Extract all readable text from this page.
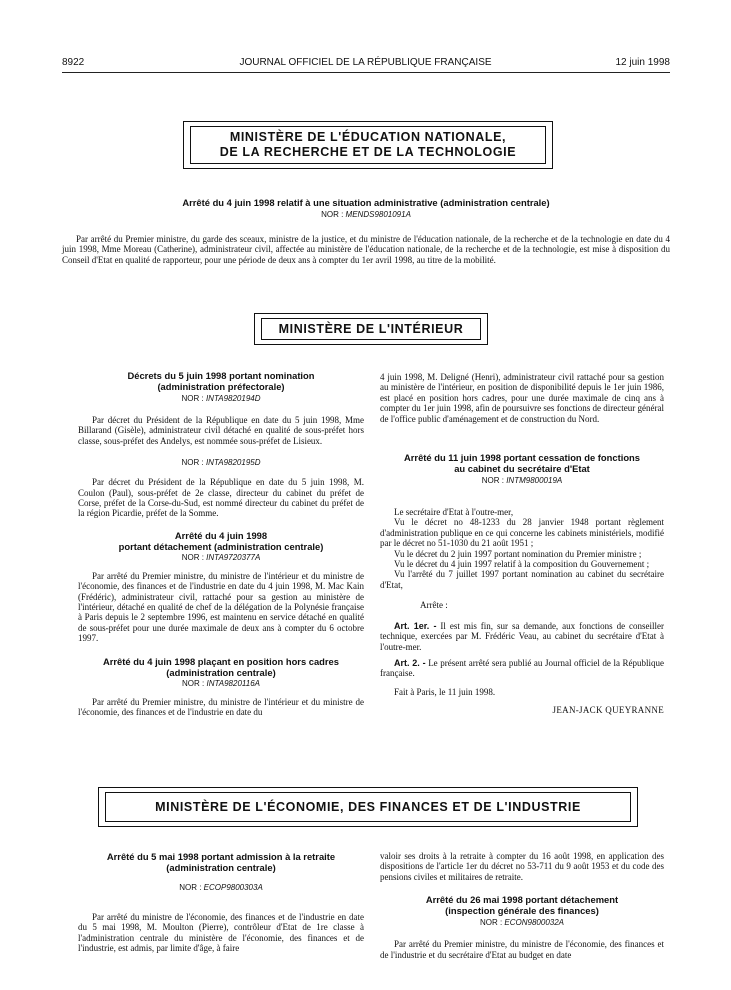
8922	JOURNAL OFFICIEL DE LA RÉPUBLIQUE FRANÇAISE	12 juin 1998
MINISTÈRE DE L'ÉDUCATION NATIONALE,
DE LA RECHERCHE ET DE LA TECHNOLOGIE
Arrêté du 4 juin 1998 relatif à une situation administrative (administration centrale)
NOR : MENDS9801091A

Par arrêté du Premier ministre, du garde des sceaux, ministre de la justice, et du ministre de l'éducation nationale, de la recherche et de la technologie en date du 4 juin 1998, Mme Moreau (Catherine), administrateur civil, affectée au ministère de l'éducation nationale, de la recherche et de la technologie, est mise à disposition du Conseil d'Etat en qualité de rapporteur, pour une période de deux ans à compter du 1er avril 1998, au titre de la mobilité.

MINISTÈRE DE L'INTÉRIEUR
Décrets du 5 juin 1998 portant nomination
(administration préfectorale)
NOR : INTA9820194D

Par décret du Président de la République en date du 5 juin 1998, Mme Billarand (Gisèle), administrateur civil détaché en qualité de sous-préfet hors classe, sous-préfet des Andelys, est nommée sous-préfet de Lisieux.

NOR : INTA9820195D

Par décret du Président de la République en date du 5 juin 1998, M. Coulon (Paul), sous-préfet de 2e classe, directeur du cabinet du préfet de Corse, préfet de la Corse-du-Sud, est nommé directeur du cabinet du préfet de la région Picardie, préfet de la Somme.

Arrêté du 4 juin 1998
portant détachement (administration centrale)
NOR : INTA9720377A

Par arrêté du Premier ministre, du ministre de l'intérieur et du ministre de l'économie, des finances et de l'industrie en date du 4 juin 1998, M. Mac Kain (Frédéric), administrateur civil, rattaché pour sa gestion au ministère de l'intérieur, détaché en qualité de chef de la délégation de la Polynésie française à Paris depuis le 2 septembre 1996, est maintenu en service détaché en qualité de sous-préfet pour une durée maximale de deux ans à compter du 6 octobre 1997.

Arrêté du 4 juin 1998 plaçant en position hors cadres
(administration centrale)
NOR : INTA9820116A

Par arrêté du Premier ministre, du ministre de l'intérieur et du ministre de l'économie, des finances et de l'industrie en date du

4 juin 1998, M. Deligné (Henri), administrateur civil rattaché pour sa gestion au ministère de l'intérieur, en position de disponibilité depuis le 1er juin 1986, est placé en position hors cadres, pour une durée maximale de cinq ans à compter du 1er juin 1998, afin de poursuivre ses fonctions de directeur général de l'office public d'aménagement et de construction du Nord.

Arrêté du 11 juin 1998 portant cessation de fonctions
au cabinet du secrétaire d'Etat
NOR : INTM9800019A

Le secrétaire d'Etat à l'outre-mer,

Vu le décret no 48-1233 du 28 janvier 1948 portant règlement d'administration publique en ce qui concerne les cabinets ministériels, modifié par le décret no 51-1030 du 21 août 1951 ;

Vu le décret du 2 juin 1997 portant nomination du Premier ministre ;

Vu le décret du 4 juin 1997 relatif à la composition du Gouvernement ;

Vu l'arrêté du 7 juillet 1997 portant nomination au cabinet du secrétaire d'Etat,

Arrête :

Art. 1er. - Il est mis fin, sur sa demande, aux fonctions de conseiller technique, exercées par M. Frédéric Veau, au cabinet du secrétaire d'Etat à l'outre-mer.

Art. 2. - Le présent arrêté sera publié au Journal officiel de la République française.

Fait à Paris, le 11 juin 1998.

JEAN-JACK QUEYRANNE
MINISTÈRE DE L'ÉCONOMIE, DES FINANCES ET DE L'INDUSTRIE
Arrêté du 5 mai 1998 portant admission à la retraite
(administration centrale)
NOR : ECOP9800303A

Par arrêté du ministre de l'économie, des finances et de l'industrie en date du 5 mai 1998, M. Moulton (Pierre), contrôleur d'Etat de 1re classe à l'administration centrale du ministère de l'économie, des finances et de l'industrie, est admis, par limite d'âge, à faire

valoir ses droits à la retraite à compter du 16 août 1998, en application des dispositions de l'article 1er du décret no 53-711 du 9 août 1953 et du code des pensions civiles et militaires de retraite.

Arrêté du 26 mai 1998 portant détachement
(inspection générale des finances)
NOR : ECON9800032A

Par arrêté du Premier ministre, du ministre de l'économie, des finances et de l'industrie et du secrétaire d'Etat au budget en date
